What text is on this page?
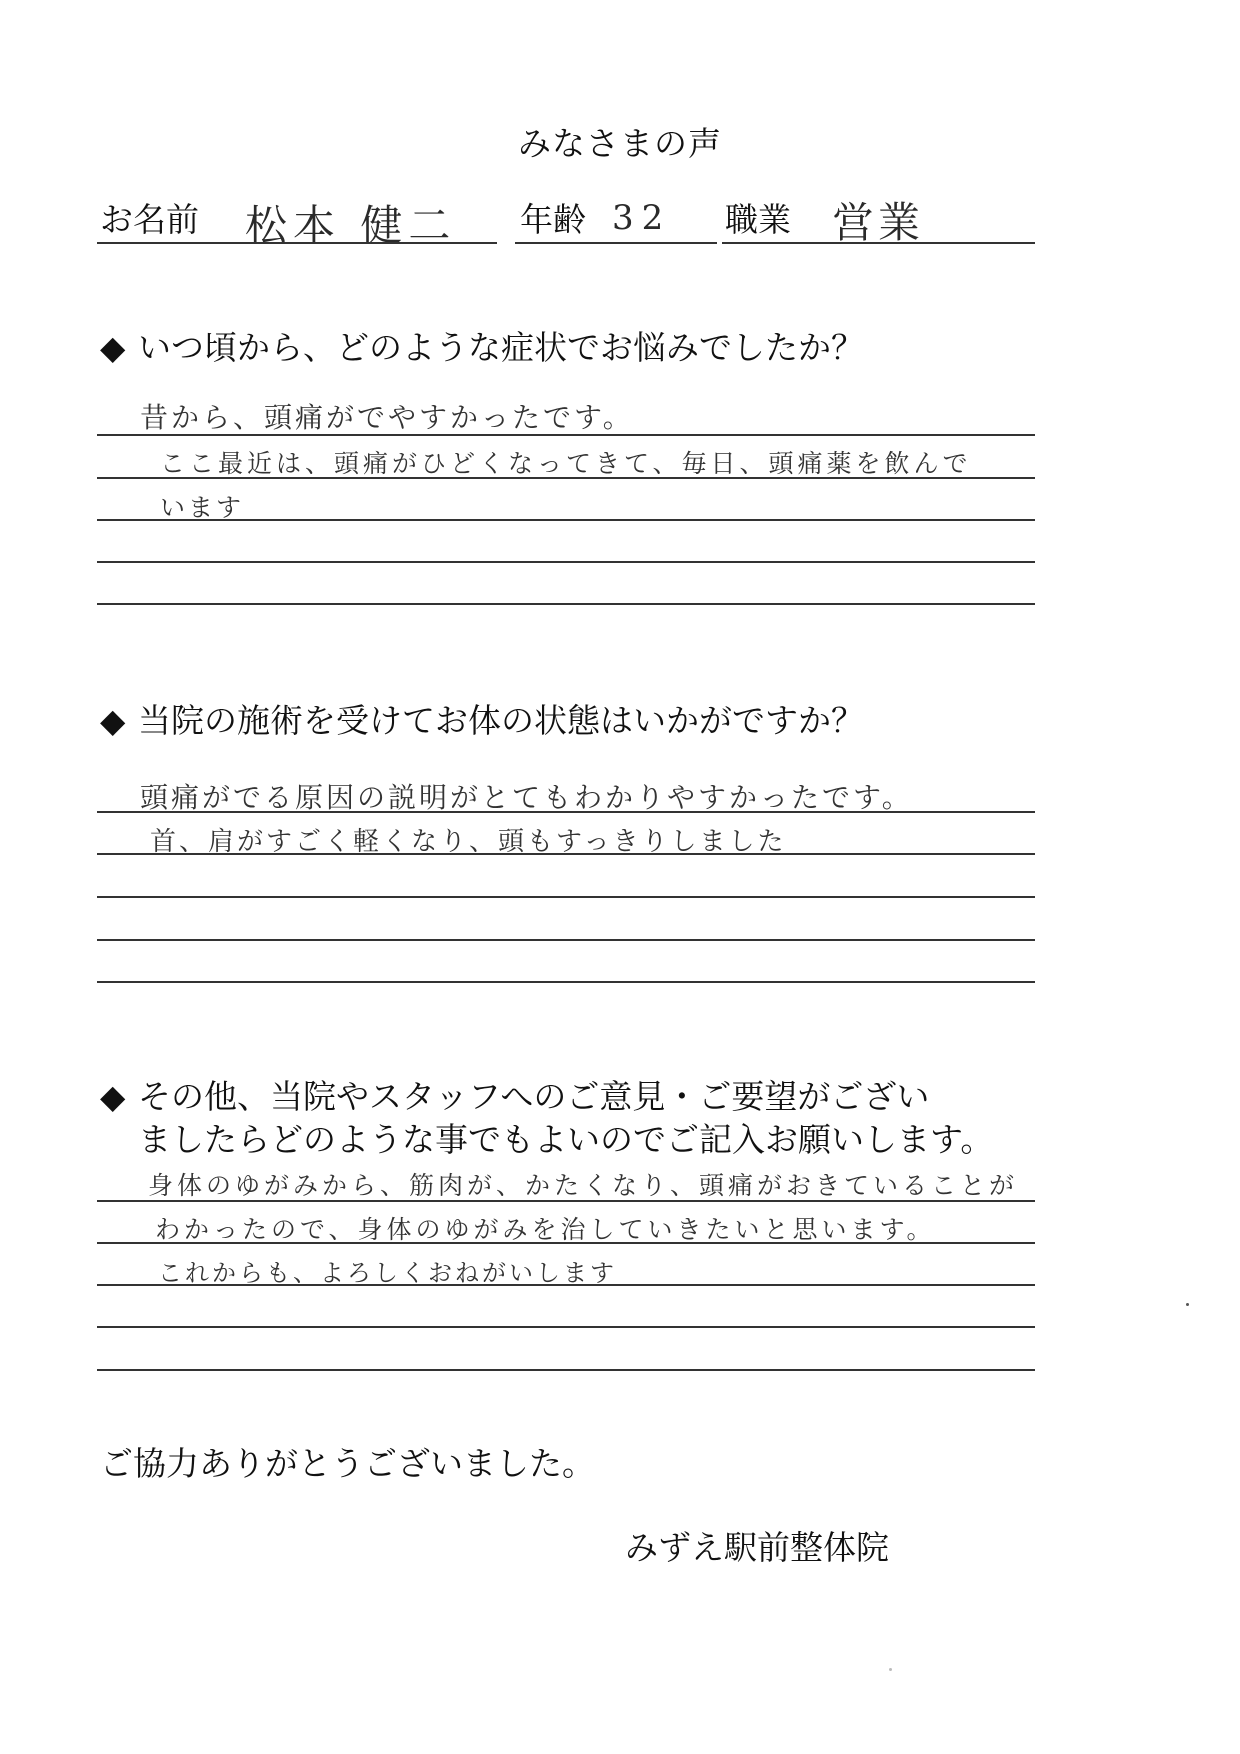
みなさまの声
お名前 松本 健二 年齢 32 職業 営業
◆ いつ頃から、どのような症状でお悩みでしたか？
昔から、頭痛がでやすかったです。
ここ最近は、頭痛がひどくなってきて、毎日、頭痛薬を飲んで
います
◆ 当院の施術を受けてお体の状態はいかがですか？
頭痛がでる原因の説明がとてもわかりやすかったです。
首、肩がすごく軽くなり、頭もすっきりしました
◆ その他、当院やスタッフへのご意見・ご要望がござい
ましたらどのような事でもよいのでご記入お願いします。
身体のゆがみから、筋肉が、かたくなり、頭痛がおきていることが
わかったので、身体のゆがみを治していきたいと思います。
これからも、よろしくおねがいします
ご協力ありがとうございました。
みずえ駅前整体院
